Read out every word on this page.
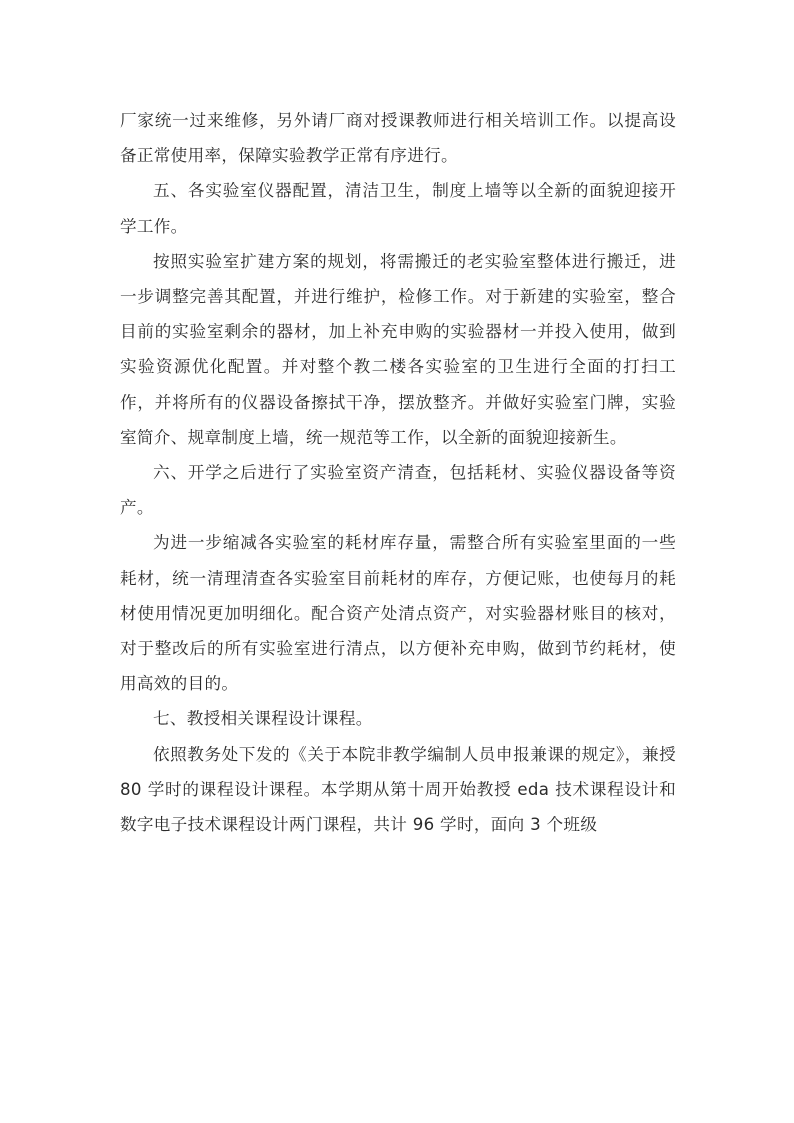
厂家统一过来维修，另外请厂商对授课教师进行相关培训工作。以提高设备正常使用率，保障实验教学正常有序进行。

五、各实验室仪器配置，清洁卫生，制度上墙等以全新的面貌迎接开学工作。

按照实验室扩建方案的规划，将需搬迁的老实验室整体进行搬迁，进一步调整完善其配置，并进行维护，检修工作。对于新建的实验室，整合目前的实验室剩余的器材，加上补充申购的实验器材一并投入使用，做到实验资源优化配置。并对整个教二楼各实验室的卫生进行全面的打扫工作，并将所有的仪器设备擦拭干净，摆放整齐。并做好实验室门牌，实验室简介、规章制度上墙，统一规范等工作，以全新的面貌迎接新生。

六、开学之后进行了实验室资产清查，包括耗材、实验仪器设备等资产。

为进一步缩减各实验室的耗材库存量，需整合所有实验室里面的一些耗材，统一清理清查各实验室目前耗材的库存，方便记账，也使每月的耗材使用情况更加明细化。配合资产处清点资产，对实验器材账目的核对，对于整改后的所有实验室进行清点，以方便补充申购，做到节约耗材，使用高效的目的。

七、教授相关课程设计课程。

依照教务处下发的《关于本院非教学编制人员申报兼课的规定》，兼授 80 学时的课程设计课程。本学期从第十周开始教授 eda 技术课程设计和数字电子技术课程设计两门课程，共计 96 学时，面向 3 个班级
